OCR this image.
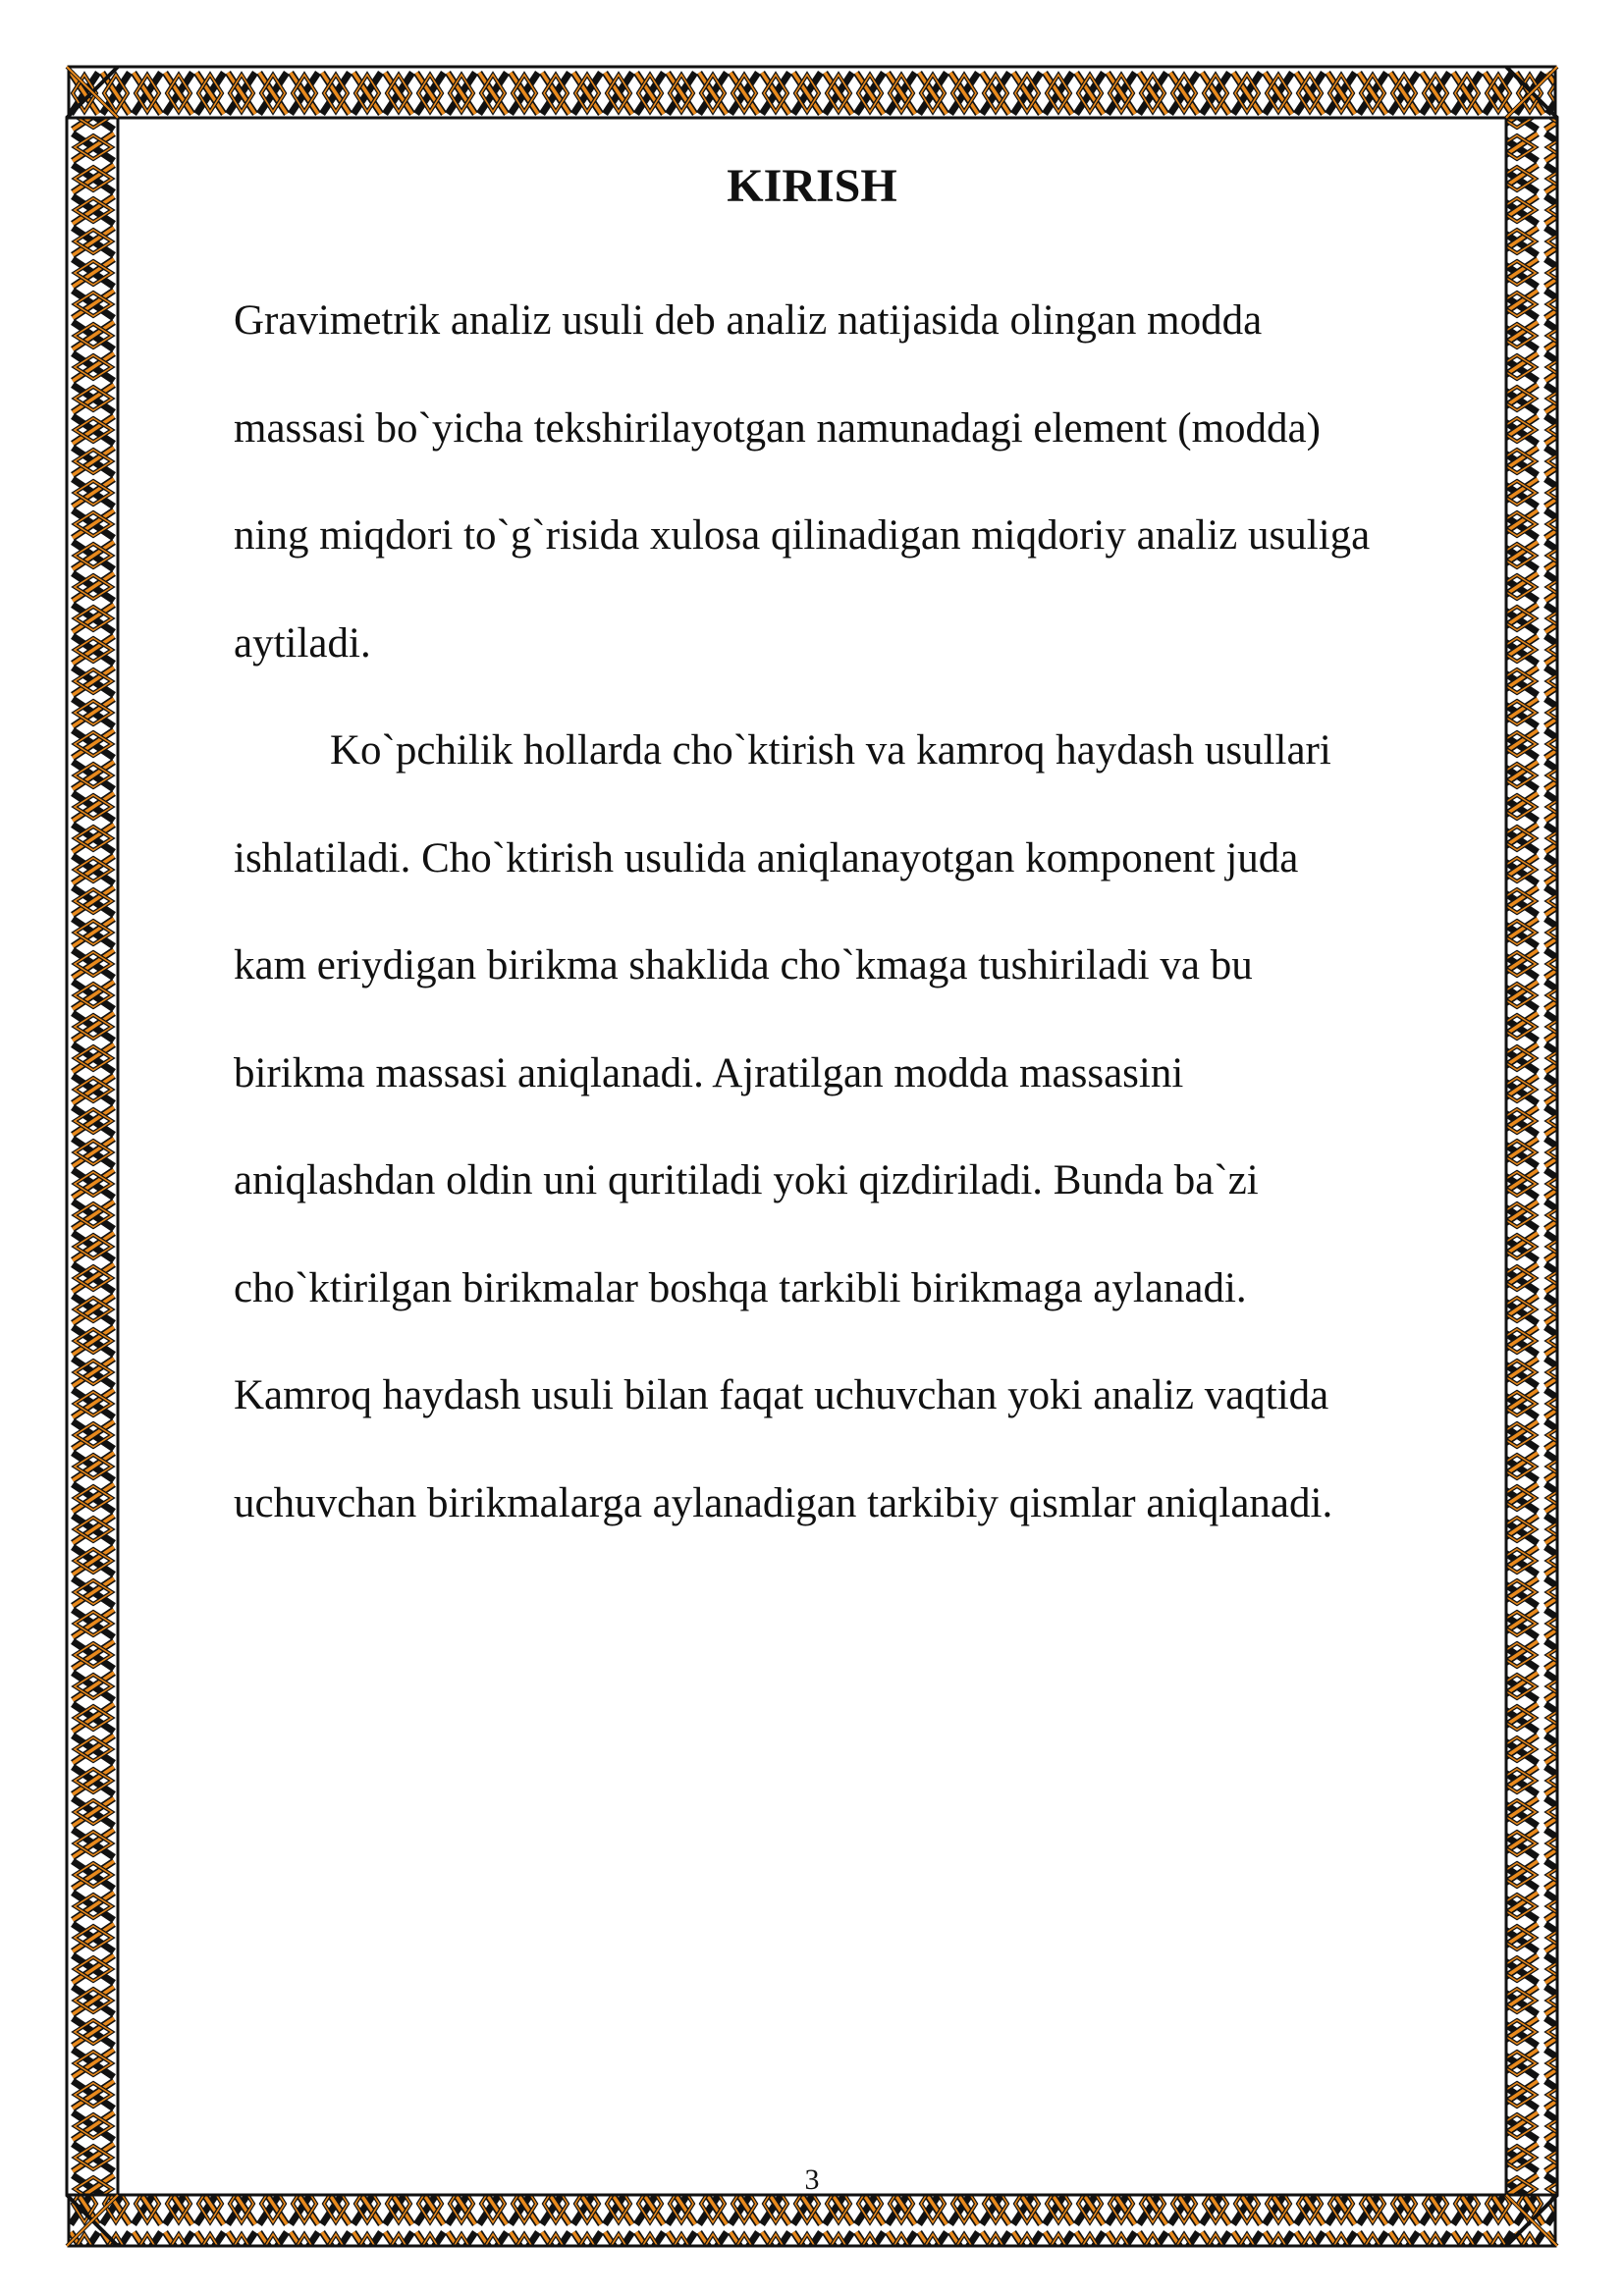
KIRISH
Gravimetrik analiz usuli deb analiz natijasida olingan modda
massasi bo`yicha tekshirilayotgan namunadagi element (modda)
ning miqdori to`g`risida xulosa qilinadigan miqdoriy analiz usuliga
aytiladi.
Ko`pchilik hollarda cho`ktirish va kamroq haydash usullari
ishlatiladi. Cho`ktirish usulida aniqlanayotgan komponent juda
kam eriydigan birikma shaklida cho`kmaga tushiriladi va bu
birikma massasi aniqlanadi. Ajratilgan modda massasini
aniqlashdan oldin uni quritiladi yoki qizdiriladi. Bunda ba`zi
cho`ktirilgan birikmalar boshqa tarkibli birikmaga aylanadi.
Kamroq haydash usuli bilan faqat uchuvchan yoki analiz vaqtida
uchuvchan birikmalarga aylanadigan tarkibiy qismlar aniqlanadi.
3
